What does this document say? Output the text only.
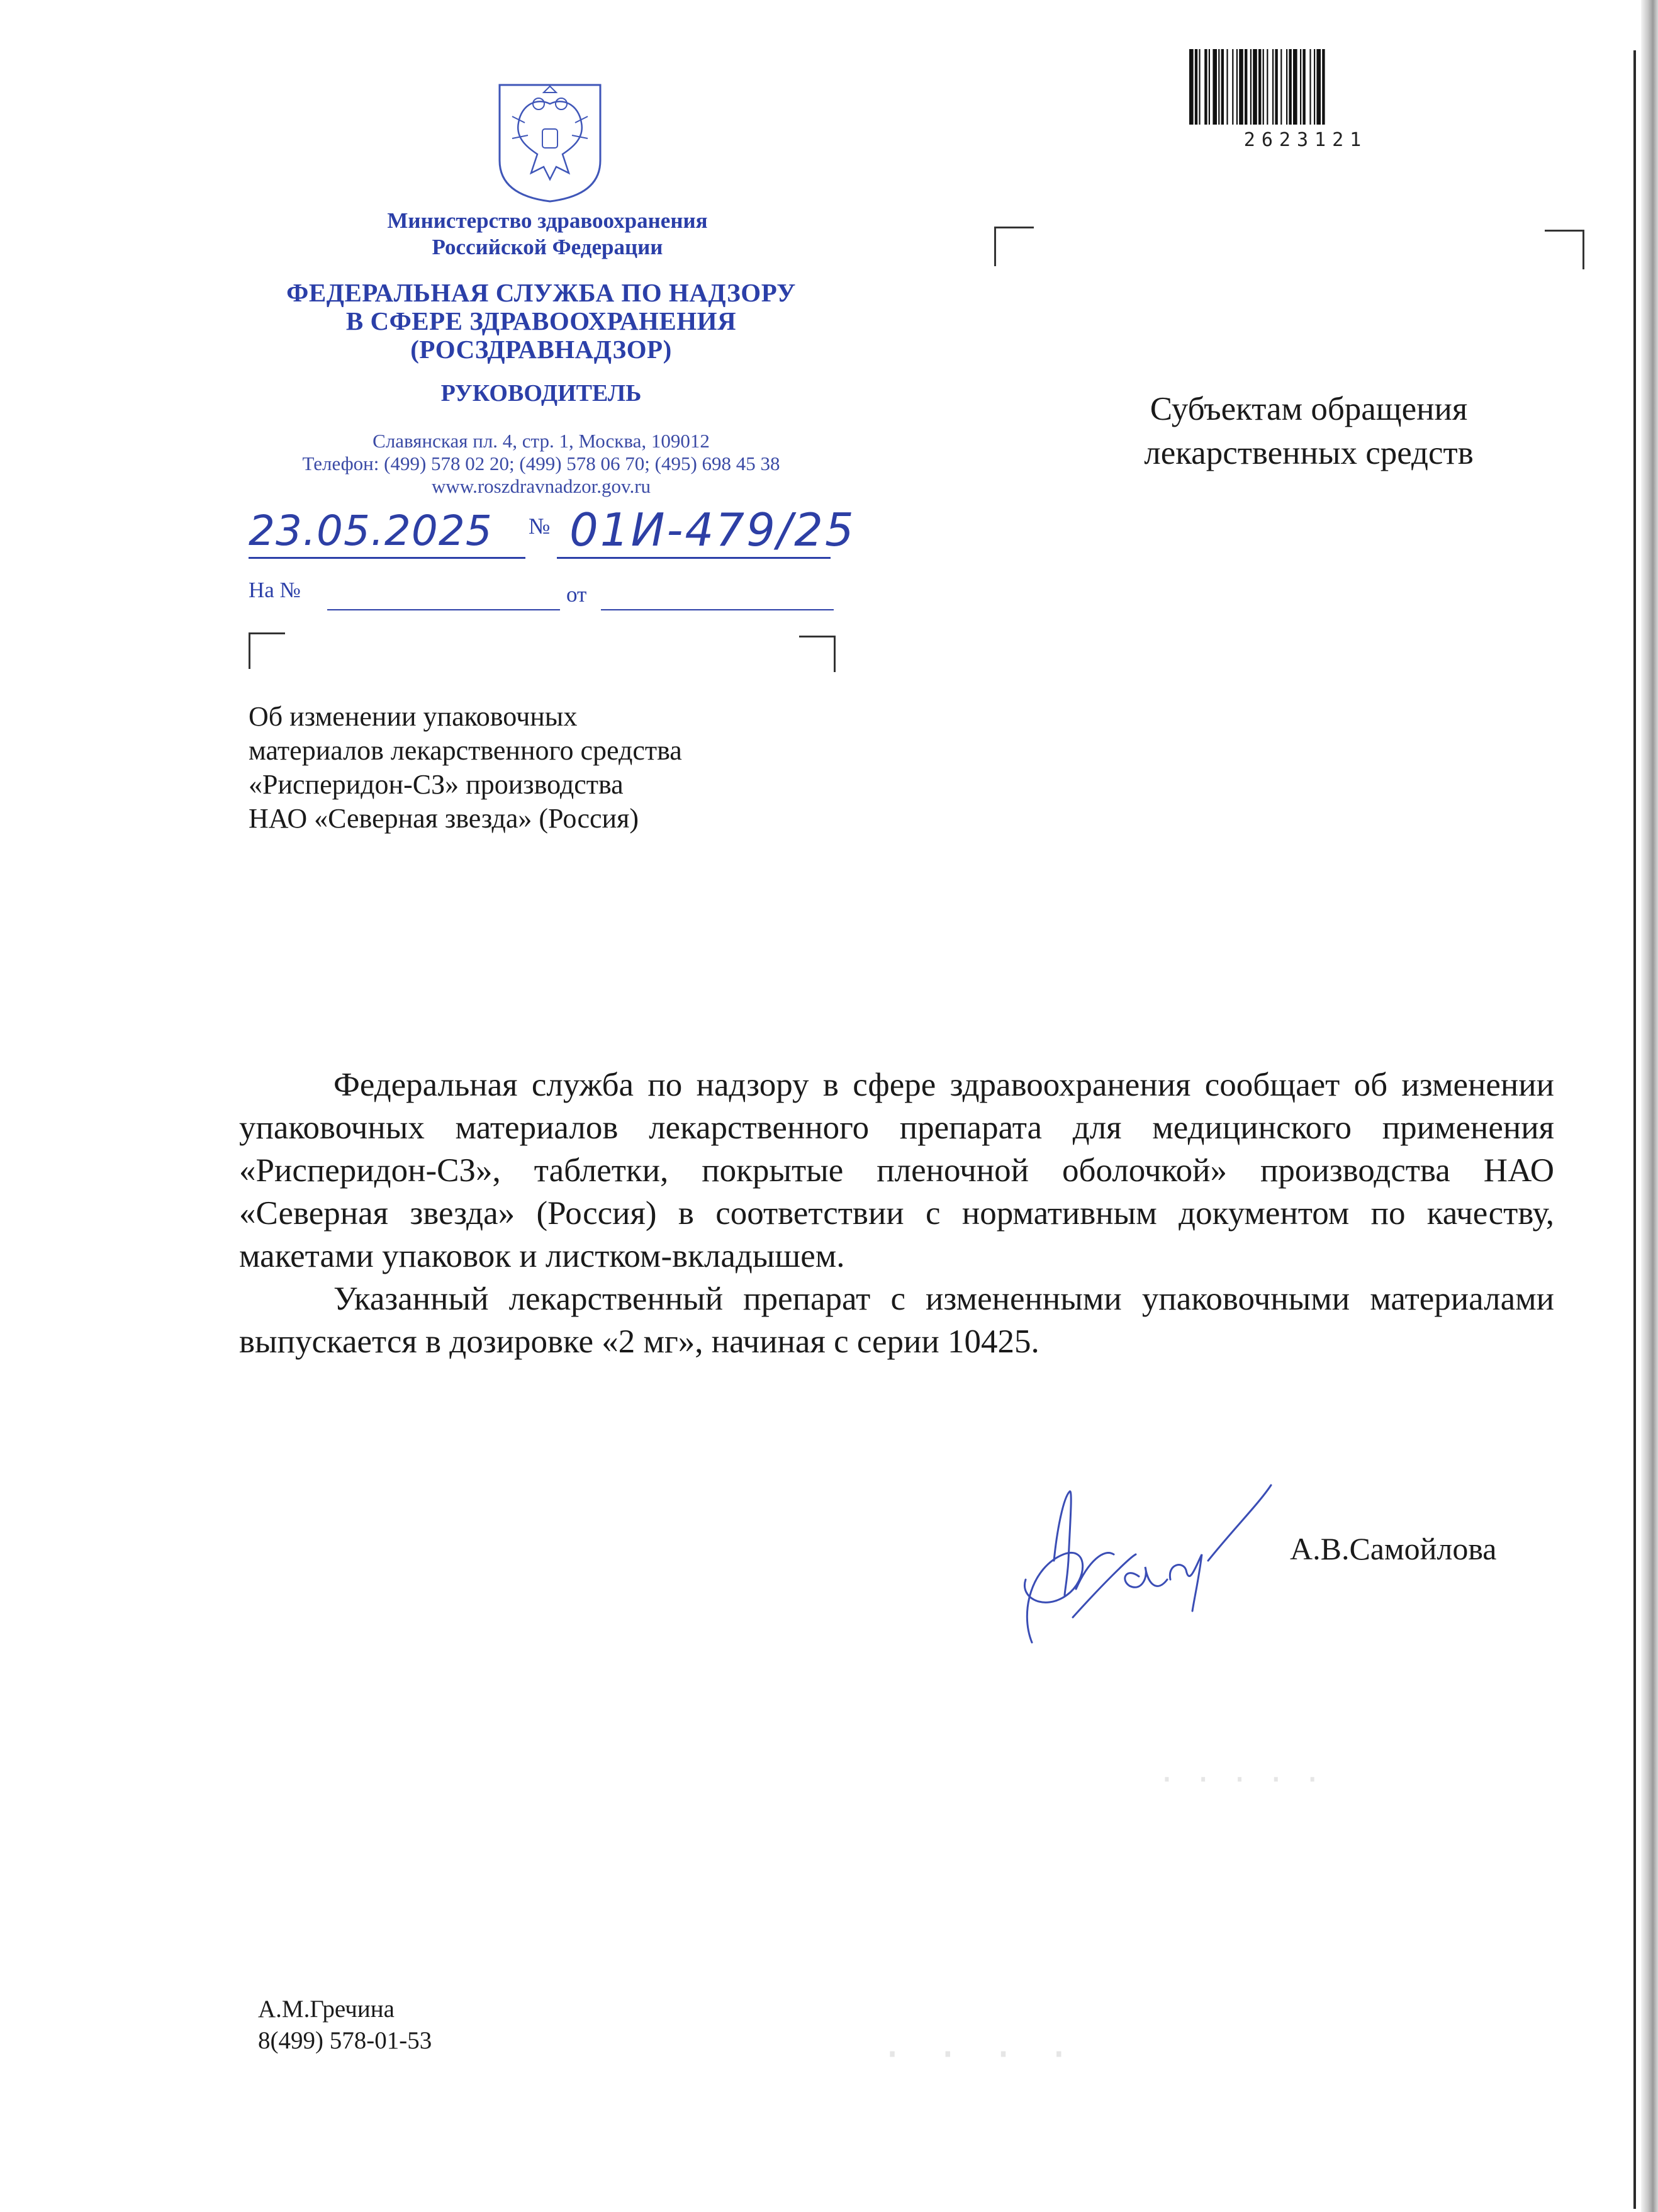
2623121
Министерство здравоохранения
Российской Федерации
ФЕДЕРАЛЬНАЯ СЛУЖБА ПО НАДЗОРУ
В СФЕРЕ ЗДРАВООХРАНЕНИЯ
(РОСЗДРАВНАДЗОР)
РУКОВОДИТЕЛЬ
Славянская пл. 4, стр. 1, Москва, 109012
Телефон: (499) 578 02 20; (499) 578 06 70; (495) 698 45 38
www.roszdravnadzor.gov.ru
23.05.2025 № 01И-479/25
На №	от
Субъектам обращения
лекарственных средств
Об изменении упаковочных
материалов лекарственного средства
«Рисперидон-СЗ» производства
НАО «Северная звезда» (Россия)

Федеральная служба по надзору в сфере здравоохранения сообщает об изменении упаковочных материалов лекарственного препарата для медицинского применения «Рисперидон-СЗ», таблетки, покрытые пленочной оболочкой» производства НАО «Северная звезда» (Россия) в соответствии с нормативным документом по качеству, макетами упаковок и листком-вкладышем.

Указанный лекарственный препарат с измененными упаковочными материалами выпускается в дозировке «2 мг», начиная с серии 10425.

А.В.Самойлова
· · · · ·
· · · ·
А.М.Гречина
8(499) 578-01-53
